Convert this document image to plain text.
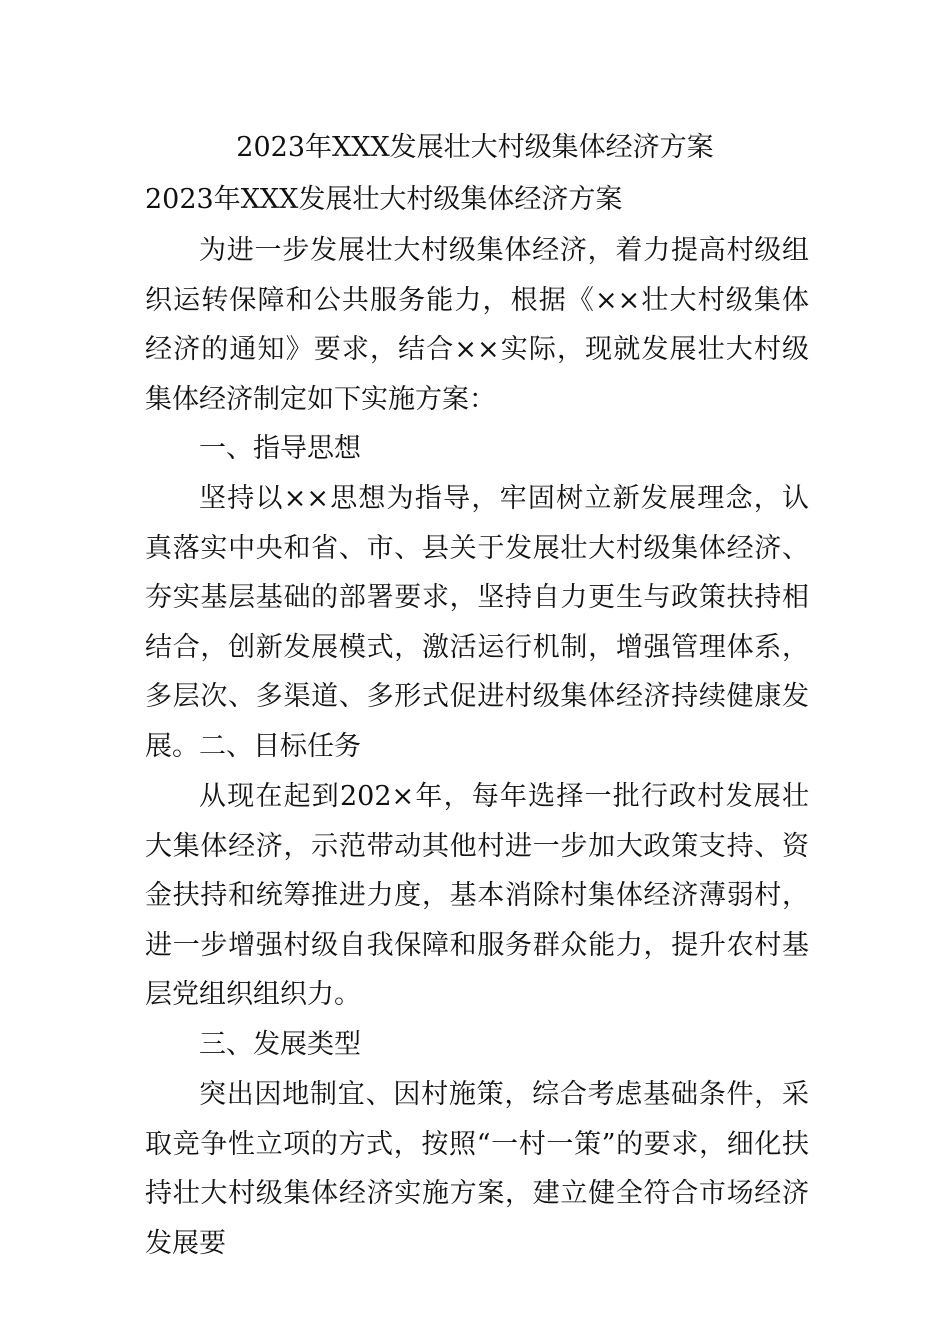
2023年XXX发展壮大村级集体经济方案
2023年XXX发展壮大村级集体经济方案

为进一步发展壮大村级集体经济，着力提高村级组织运转保障和公共服务能力，根据《××壮大村级集体经济的通知》要求，结合××实际，现就发展壮大村级集体经济制定如下实施方案：

一、指导思想

坚持以××思想为指导，牢固树立新发展理念，认真落实中央和省、市、县关于发展壮大村级集体经济、夯实基层基础的部署要求，坚持自力更生与政策扶持相结合，创新发展模式，激活运行机制，增强管理体系，多层次、多渠道、多形式促进村级集体经济持续健康发展。 二、目标任务

从现在起到202×年，每年选择一批行政村发展壮大集体经济，示范带动其他村进一步加大政策支持、资金扶持和统筹推进力度，基本消除村集体经济薄弱村，进一步增强村级自我保障和服务群众能力，提升农村基层党组织组织力。

三、发展类型

突出因地制宜、因村施策，综合考虑基础条件，采取竞争性立项的方式，按照“一村一策”的要求，细化扶持壮大村级集体经济实施方案，建立健全符合市场经济发展要
